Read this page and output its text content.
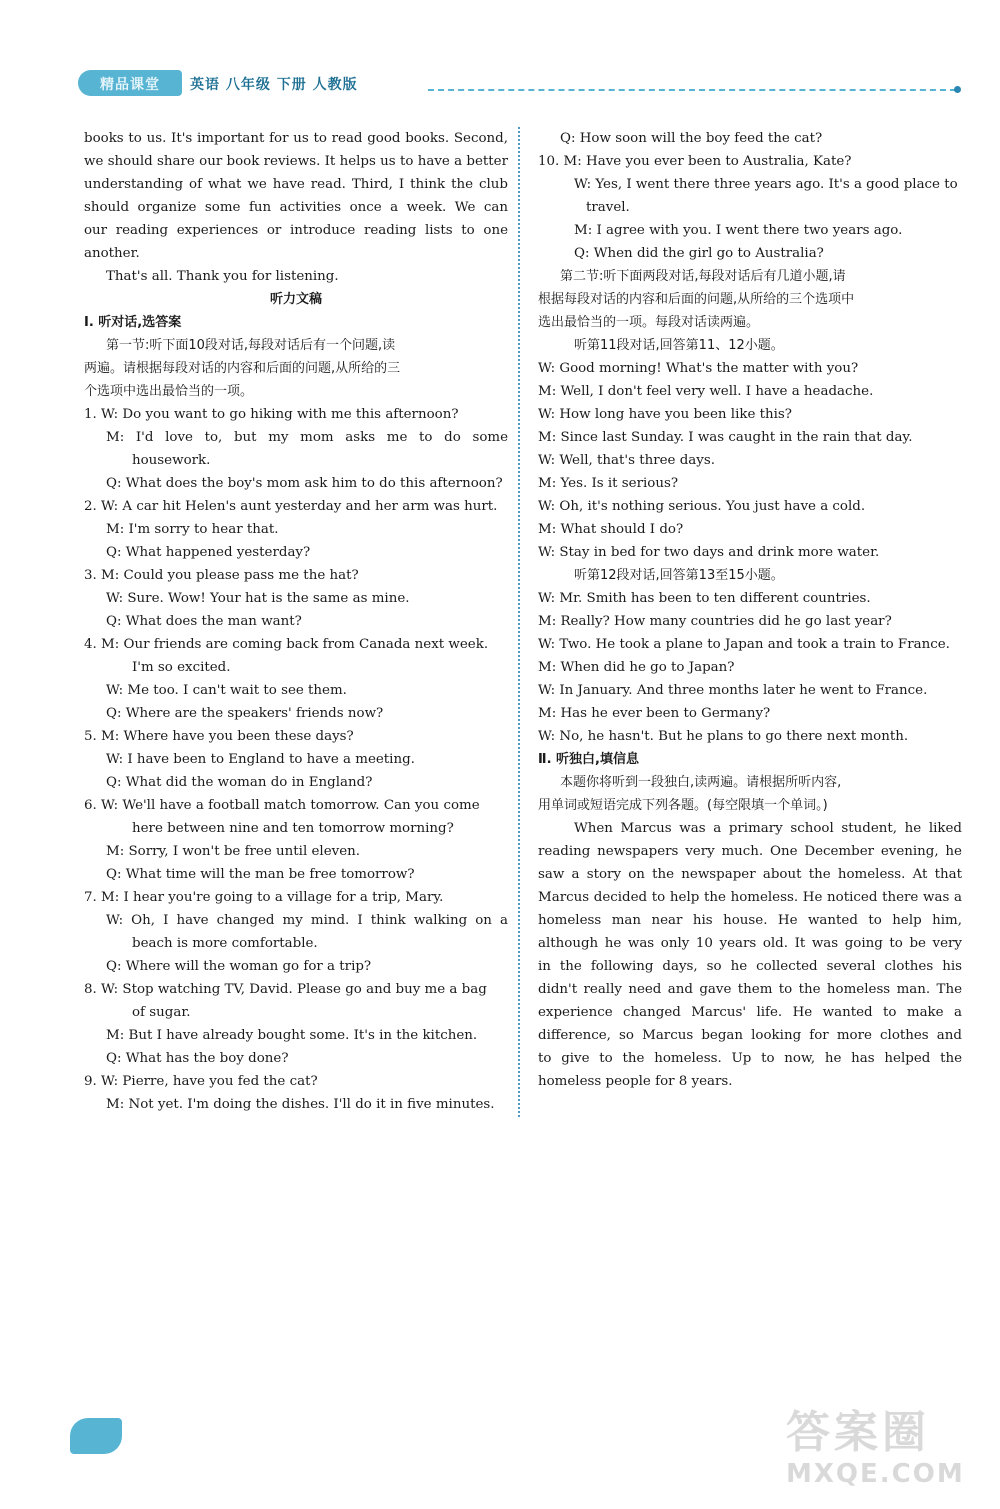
精品课堂	英语 八年级 下册 人教版
books to us. It's important for us to read good books. Second,
we should share our book reviews. It helps us to have a better
understanding of what we have read. Third, I think the club
should organize some fun activities once a week. We can
our reading experiences or introduce reading lists to one
another.
That's all. Thank you for listening.
听力文稿
Ⅰ. 听对话,选答案
第一节:听下面10段对话,每段对话后有一个问题,读
两遍。请根据每段对话的内容和后面的问题,从所给的三
个选项中选出最恰当的一项。
1. W: Do you want to go hiking with me this afternoon?
M: I'd love to, but my mom asks me to do some
housework.
Q: What does the boy's mom ask him to do this afternoon?
2. W: A car hit Helen's aunt yesterday and her arm was hurt.
M: I'm sorry to hear that.
Q: What happened yesterday?
3. M: Could you please pass me the hat?
W: Sure. Wow! Your hat is the same as mine.
Q: What does the man want?
4. M: Our friends are coming back from Canada next week.
I'm so excited.
W: Me too. I can't wait to see them.
Q: Where are the speakers' friends now?
5. M: Where have you been these days?
W: I have been to England to have a meeting.
Q: What did the woman do in England?
6. W: We'll have a football match tomorrow. Can you come
here between nine and ten tomorrow morning?
M: Sorry, I won't be free until eleven.
Q: What time will the man be free tomorrow?
7. M: I hear you're going to a village for a trip, Mary.
W: Oh, I have changed my mind. I think walking on a
beach is more comfortable.
Q: Where will the woman go for a trip?
8. W: Stop watching TV, David. Please go and buy me a bag
of sugar.
M: But I have already bought some. It's in the kitchen.
Q: What has the boy done?
9. W: Pierre, have you fed the cat?
M: Not yet. I'm doing the dishes. I'll do it in five minutes.
Q: How soon will the boy feed the cat?
10. M: Have you ever been to Australia, Kate?
W: Yes, I went there three years ago. It's a good place to
travel.
M: I agree with you. I went there two years ago.
Q: When did the girl go to Australia?
第二节:听下面两段对话,每段对话后有几道小题,请
根据每段对话的内容和后面的问题,从所给的三个选项中
选出最恰当的一项。每段对话读两遍。
听第11段对话,回答第11、12小题。
W: Good morning! What's the matter with you?
M: Well, I don't feel very well. I have a headache.
W: How long have you been like this?
M: Since last Sunday. I was caught in the rain that day.
W: Well, that's three days.
M: Yes. Is it serious?
W: Oh, it's nothing serious. You just have a cold.
M: What should I do?
W: Stay in bed for two days and drink more water.
听第12段对话,回答第13至15小题。
W: Mr. Smith has been to ten different countries.
M: Really? How many countries did he go last year?
W: Two. He took a plane to Japan and took a train to France.
M: When did he go to Japan?
W: In January. And three months later he went to France.
M: Has he ever been to Germany?
W: No, he hasn't. But he plans to go there next month.
Ⅱ. 听独白,填信息
本题你将听到一段独白,读两遍。请根据所听内容,
用单词或短语完成下列各题。(每空限填一个单词。)
When Marcus was a primary school student, he liked
reading newspapers very much. One December evening, he
saw a story on the newspaper about the homeless. At that
Marcus decided to help the homeless. He noticed there was a
homeless man near his house. He wanted to help him,
although he was only 10 years old. It was going to be very
in the following days, so he collected several clothes his
didn't really need and gave them to the homeless man. The
experience changed Marcus' life. He wanted to make a
difference, so Marcus began looking for more clothes and
to give to the homeless. Up to now, he has helped the
homeless people for 8 years.
答案圈
MXQE.COM
